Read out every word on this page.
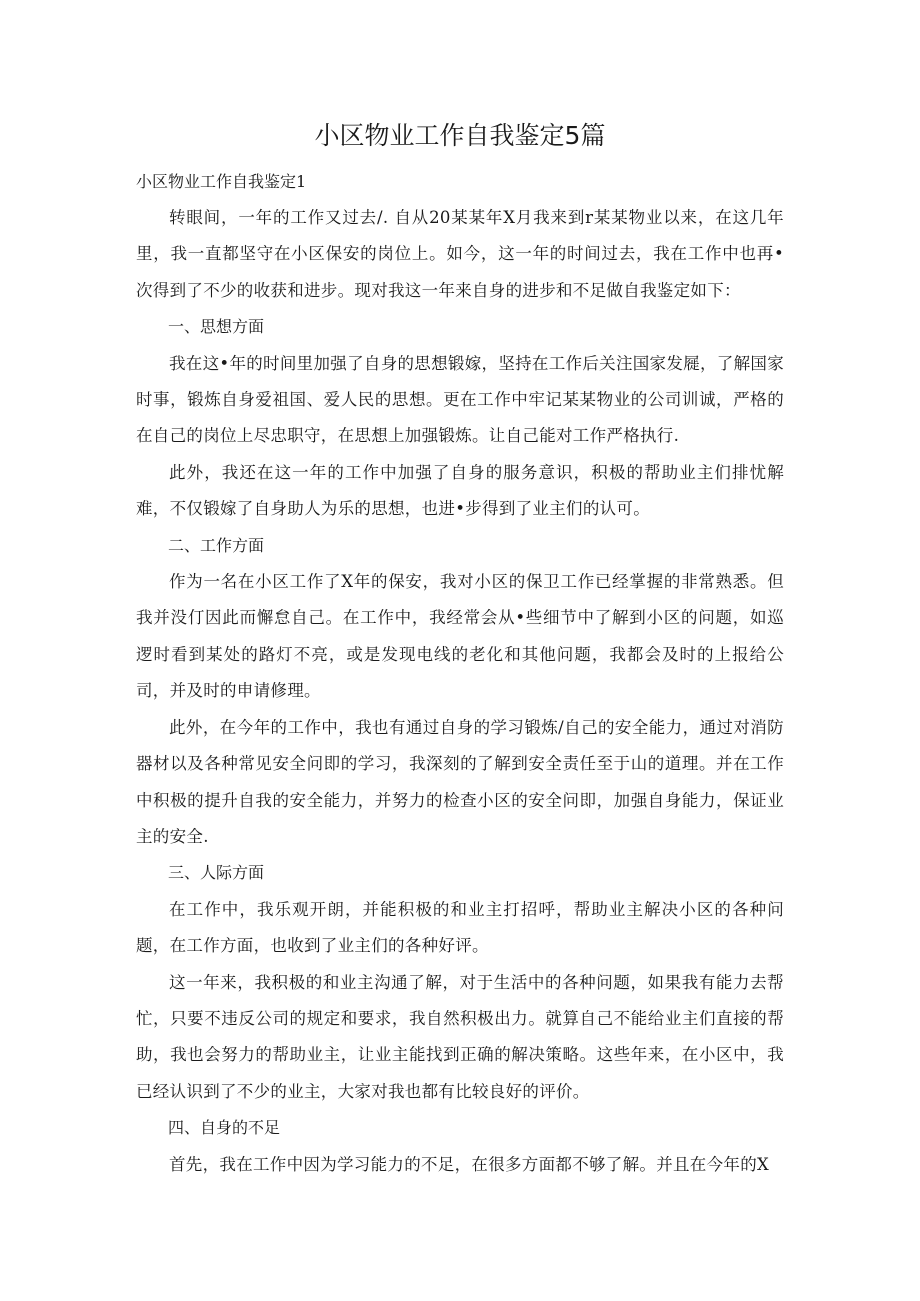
小区物业工作自我鉴定5篇

小区物业工作自我鉴定1

转眼间，一年的工作又过去/. 自从20某某年X月我来到r某某物业以来，在这几年里，我一直都坚守在小区保安的岗位上。如今，这一年的时间过去，我在工作中也再•次得到了不少的收获和进步。现对我这一年来自身的进步和不足做自我鉴定如下：

一、思想方面

我在这•年的时间里加强了自身的思想锻嫁，坚持在工作后关注国家发屣，了解国家时事，锻炼自身爱祖国、爱人民的思想。更在工作中牢记某某物业的公司训诚，严格的在自己的岗位上尽忠职守，在思想上加强锻炼。让自己能对工作严格执行.

此外，我还在这一年的工作中加强了自身的服务意识，积极的帮助业主们排忧解难，不仅锻嫁了自身助人为乐的思想，也进•步得到了业主们的认可。

二、工作方面

作为一名在小区工作了X年的保安，我对小区的保卫工作已经掌握的非常熟悉。但我并没仃因此而懈怠自己。在工作中，我经常会从•些细节中了解到小区的问题，如巡逻时看到某处的路灯不亮，或是发现电线的老化和其他问题，我都会及时的上报给公司，并及时的申请修理。

此外，在今年的工作中，我也有通过自身的学习锻炼/自己的安全能力，通过对消防器材以及各种常见安全问即的学习，我深刻的了解到安全责任至于山的道理。并在工作中积极的提升自我的安全能力，并努力的检查小区的安全问即，加强自身能力，保证业主的安全.

三、人际方面

在工作中，我乐观开朗，并能积极的和业主打招呼，帮助业主解决小区的各种问题，在工作方面，也收到了业主们的各种好评。

这一年来，我积极的和业主沟通了解，对于生活中的各种问题，如果我有能力去帮忙，只要不违反公司的规定和要求，我自然积极出力。就算自己不能给业主们直接的帮助，我也会努力的帮助业主，让业主能找到正确的解决策略。这些年来，在小区中，我已经认识到了不少的业主，大家对我也都有比较良好的评价。

四、自身的不足

首先，我在工作中因为学习能力的不足，在很多方面都不够了解。并且在今年的X
